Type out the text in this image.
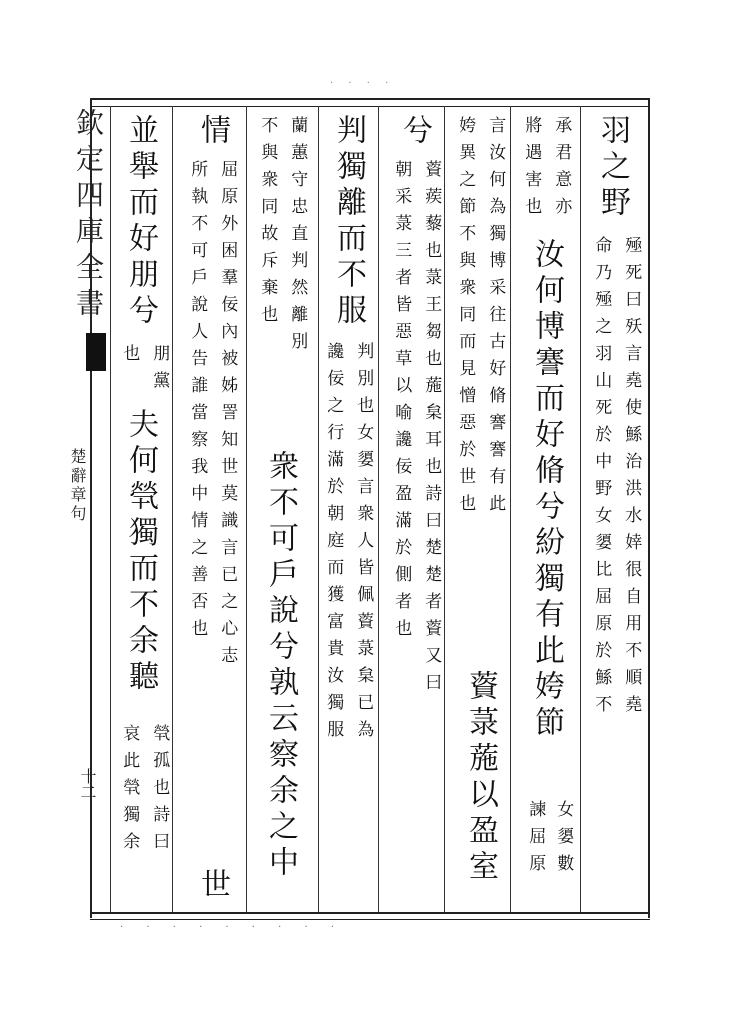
· · · ·
· · · · · · · · ·
欽定四庫全書
楚辭章句
十二
羽之野
殛死曰殀言堯使鯀治洪水婞很自用不順堯
命乃殛之羽山死於中野女嬃比屈原於鯀不
承君意亦
將遇害也
汝何博謇而好脩兮紛獨有此姱節
女嬃數
諫屈原
言汝何為獨博采往古好脩謇謇有此
姱異之節不與衆同而見憎惡於世也
薋菉葹以盈室
兮
薋蒺藜也菉王芻也葹枲耳也詩曰楚楚者薋又曰
朝采菉三者皆惡草以喻讒佞盈滿於側者也
判獨離而不服
判別也女嬃言衆人皆佩薋菉枲已為
讒佞之行滿於朝庭而獲富貴汝獨服
蘭蕙守忠直判然離別
不與衆同故斥棄也
衆不可戶說兮孰云察余之中
情
屈原外困羣佞內被姊詈知世莫識言已之心志
所執不可戶說人告誰當察我中情之善否也
世
並舉而好朋兮
朋黨
也
夫何煢獨而不余聽
煢孤也詩曰
哀此煢獨余
